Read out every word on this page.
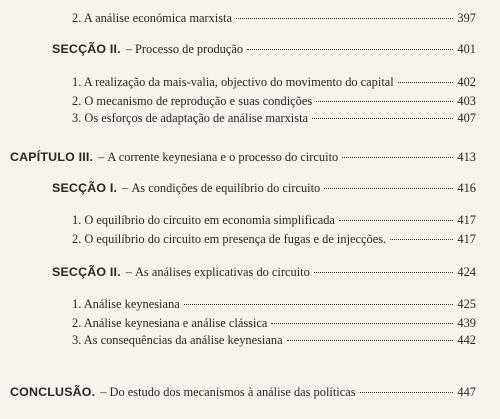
2. A análise económica marxista	397
SECÇÃO II. – Processo de produção	401
1. A realização da mais-valia, objectivo do movimento do capital	402
2. O mecanismo de reprodução e suas condições	403
3. Os esforços de adaptação de análise marxista	407
CAPÍTULO III. – A corrente keynesiana e o processo do circuito	413
SECÇÃO I. – As condições de equilíbrio do circuito	416
1. O equilíbrio do circuito em economia simplificada	417
2. O equilíbrio do circuito em presença de fugas e de injecções.	417
SECÇÃO II. – As análises explicativas do circuito	424
1. Análise keynesiana	425
2. Análise keynesiana e análise clássica	439
3. As consequências da análise keynesiana	442
CONCLUSÃO. – Do estudo dos mecanismos à análise das políticas	447
